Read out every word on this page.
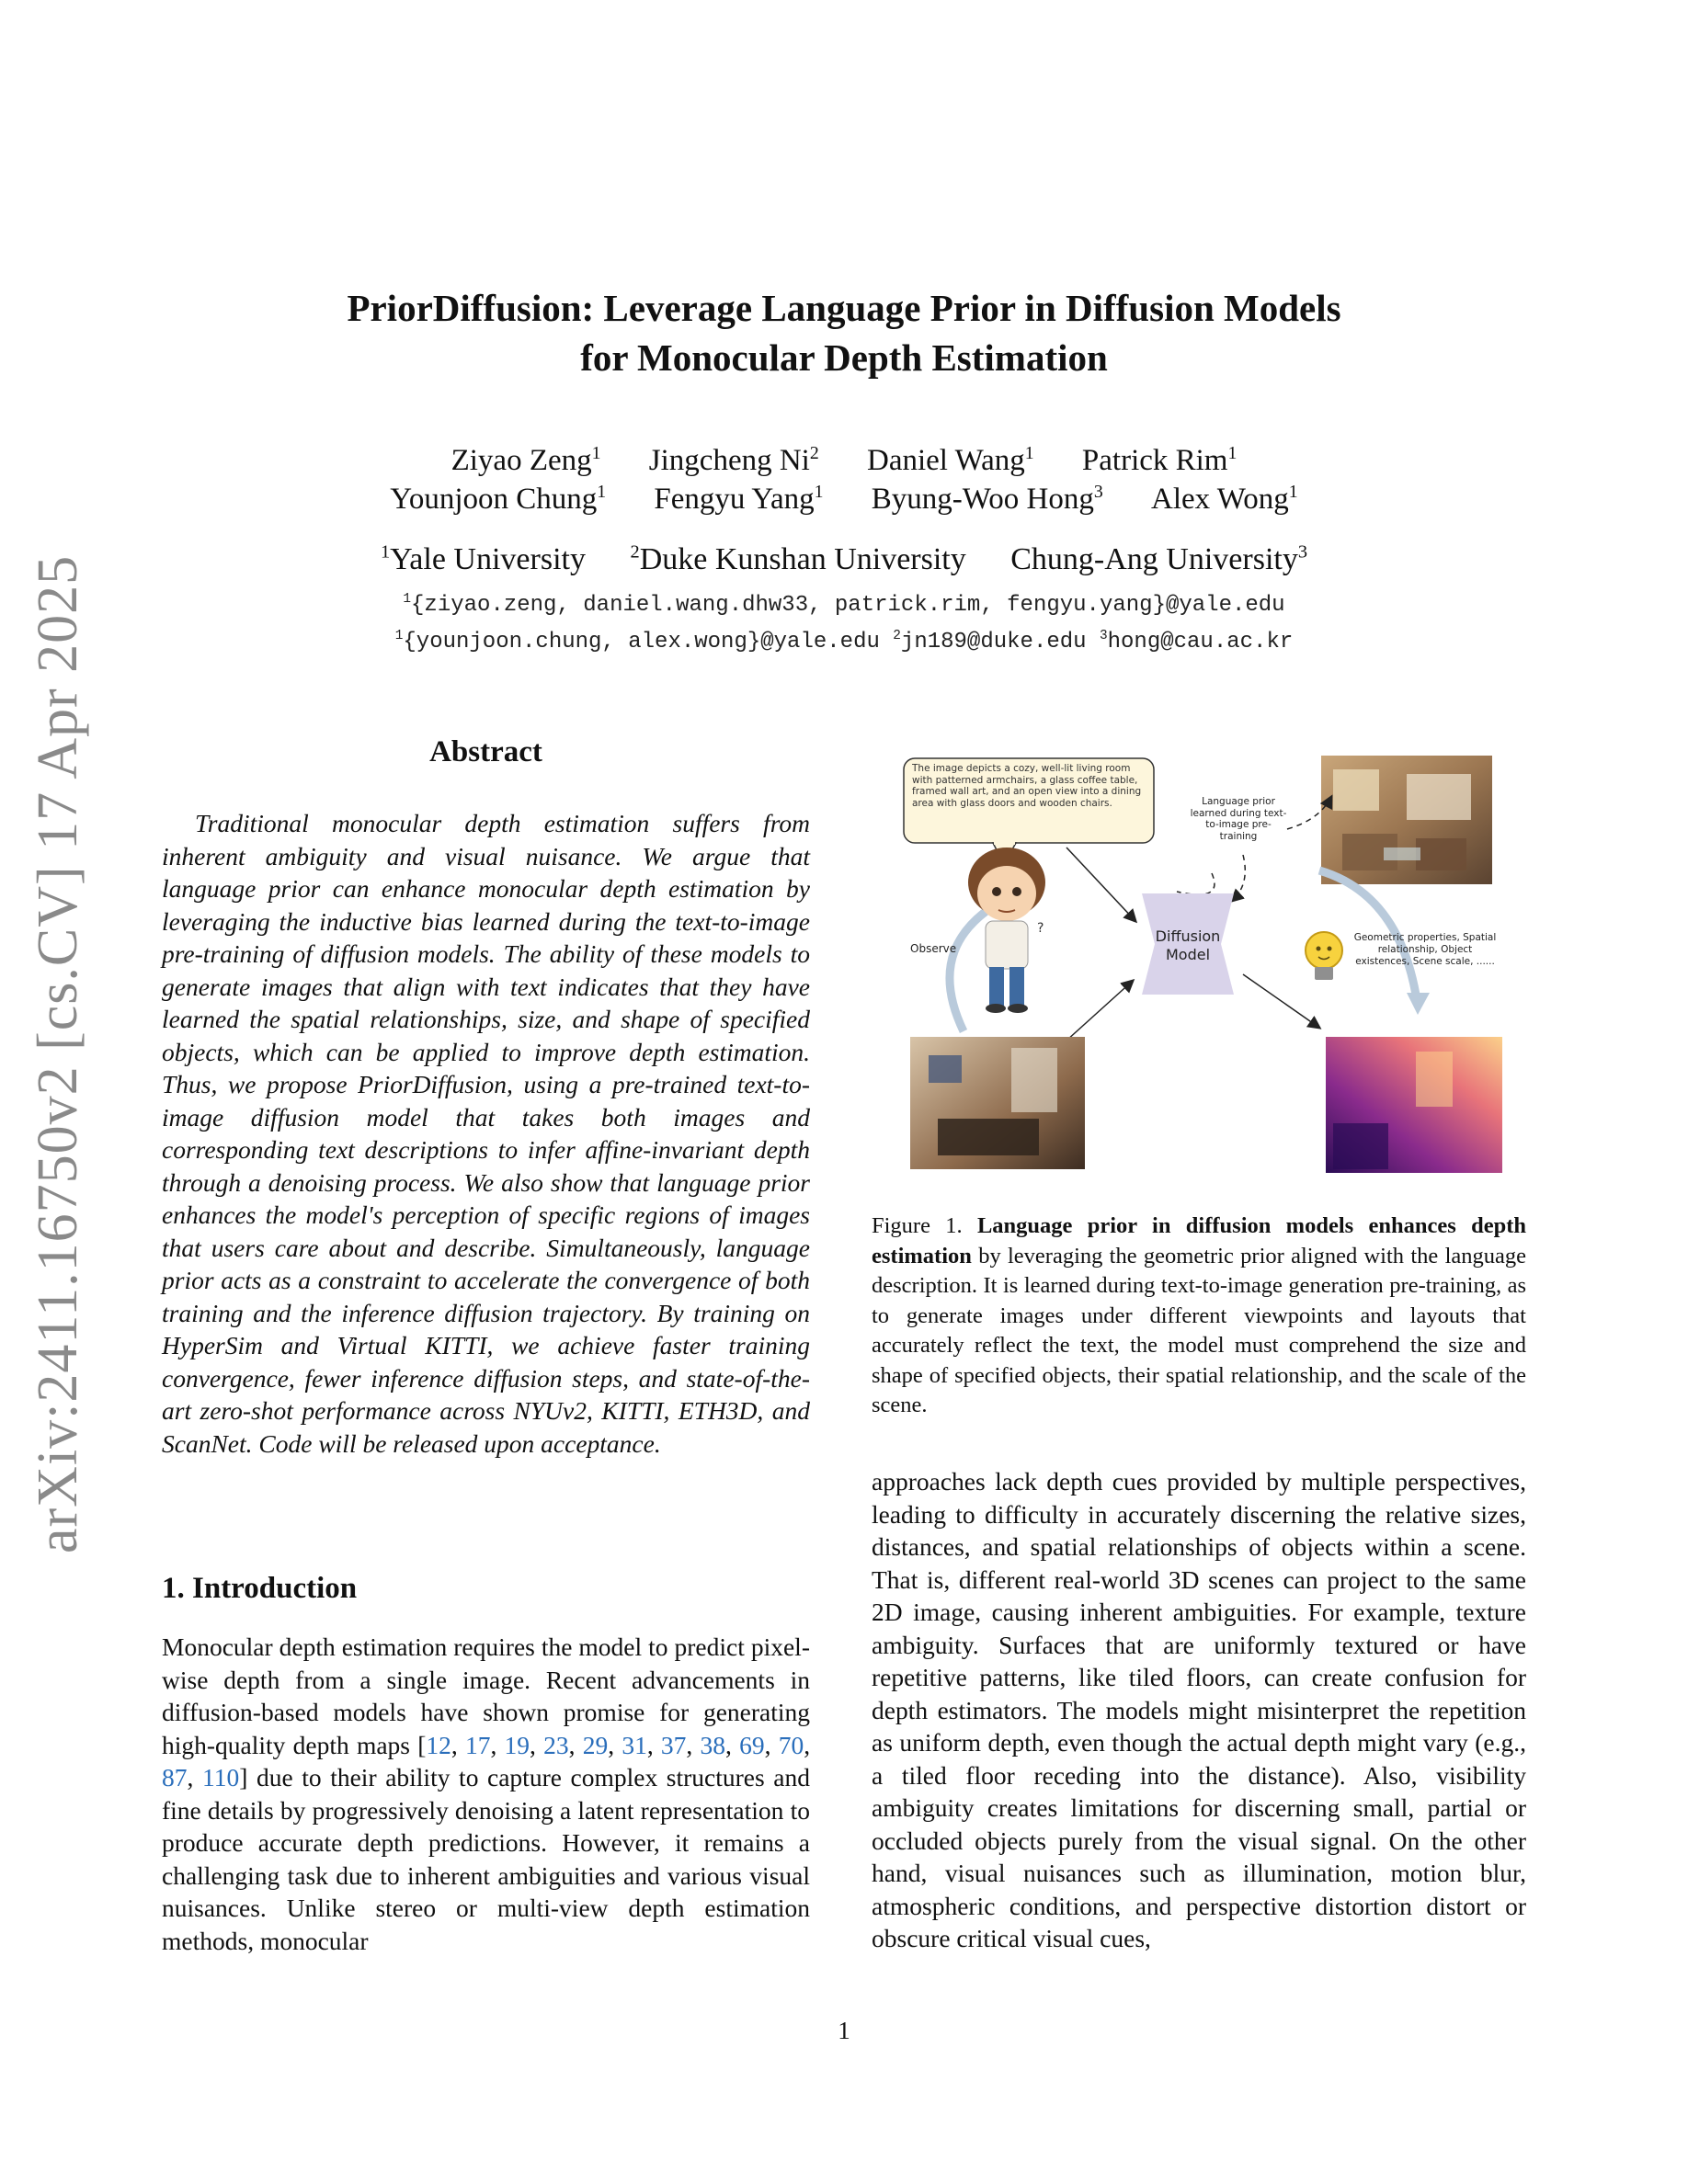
arXiv:2411.16750v2 [cs.CV] 17 Apr 2025
PriorDiffusion: Leverage Language Prior in Diffusion Models
for Monocular Depth Estimation
Ziyao Zeng$^1$ Jingcheng Ni$^2$ Daniel Wang$^1$ Patrick Rim$^1$
Younjoon Chung$^1$ Fengyu Yang$^1$ Byung-Woo Hong$^3$ Alex Wong$^1$
$^1$Yale University $^2$Duke Kunshan University Chung-Ang University$^3$
$^1${ziyao.zeng, daniel.wang.dhw33, patrick.rim, fengyu.yang}@yale.edu
$^1${younjoon.chung, alex.wong}@yale.edu $^2$jn189@duke.edu $^3$hong@cau.ac.kr
Abstract

Traditional monocular depth estimation suffers from inherent ambiguity and visual nuisance. We argue that language prior can enhance monocular depth estimation by leveraging the inductive bias learned during the text-to-image pre-training of diffusion models. The ability of these models to generate images that align with text indicates that they have learned the spatial relationships, size, and shape of specified objects, which can be applied to improve depth estimation. Thus, we propose PriorDiffusion, using a pre-trained text-to-image diffusion model that takes both images and corresponding text descriptions to infer affine-invariant depth through a denoising process. We also show that language prior enhances the model's perception of specific regions of images that users care about and describe. Simultaneously, language prior acts as a constraint to accelerate the convergence of both training and the inference diffusion trajectory. By training on HyperSim and Virtual KITTI, we achieve faster training convergence, fewer inference diffusion steps, and state-of-the-art zero-shot performance across NYUv2, KITTI, ETH3D, and ScanNet. Code will be released upon acceptance.

1. Introduction

Monocular depth estimation requires the model to predict pixel-wise depth from a single image. Recent advancements in diffusion-based models have shown promise for generating high-quality depth maps [12, 17, 19, 23, 29, 31, 37, 38, 69, 70, 87, 110] due to their ability to capture complex structures and fine details by progressively denoising a latent representation to produce accurate depth predictions. However, it remains a challenging task due to inherent ambiguities and various visual nuisances. Unlike stereo or multi-view depth estimation methods, monocular

The image depicts a cozy, well-lit living room with patterned armchairs, a glass coffee table, framed wall art, and an open view into a dining area with glass doors and wooden chairs.	Language prior learned during text-to-image pre-training
Observe
?	Diffusion
Model
Geometric properties, Spatial relationship, Object existences, Scene scale, ......
Figure 1. Language prior in diffusion models enhances depth estimation by leveraging the geometric prior aligned with the language description. It is learned during text-to-image generation pre-training, as to generate images under different viewpoints and layouts that accurately reflect the text, the model must comprehend the size and shape of specified objects, their spatial relationship, and the scale of the scene.

approaches lack depth cues provided by multiple perspectives, leading to difficulty in accurately discerning the relative sizes, distances, and spatial relationships of objects within a scene. That is, different real-world 3D scenes can project to the same 2D image, causing inherent ambiguities. For example, texture ambiguity. Surfaces that are uniformly textured or have repetitive patterns, like tiled floors, can create confusion for depth estimators. The models might misinterpret the repetition as uniform depth, even though the actual depth might vary (e.g., a tiled floor receding into the distance). Also, visibility ambiguity creates limitations for discerning small, partial or occluded objects purely from the visual signal. On the other hand, visual nuisances such as illumination, motion blur, atmospheric conditions, and perspective distortion distort or obscure critical visual cues,

1
